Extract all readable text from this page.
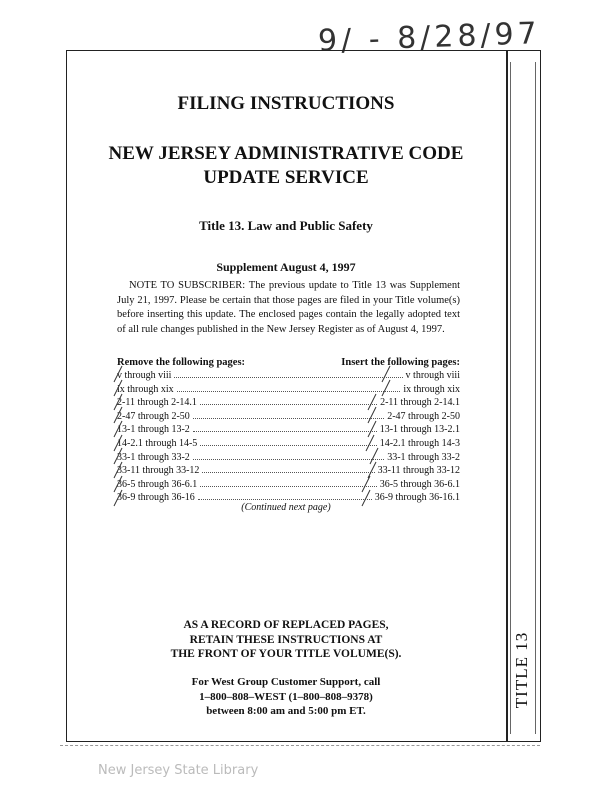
9/ - 8/28/97
TITLE 13
FILING INSTRUCTIONS
NEW JERSEY ADMINISTRATIVE CODE
UPDATE SERVICE
Title 13. Law and Public Safety
Supplement August 4, 1997
NOTE TO SUBSCRIBER: The previous update to Title 13 was Supplement July 21, 1997. Please be certain that those pages are filed in your Title volume(s) before inserting this update. The enclosed pages contain the legally adopted text of all rule changes published in the New Jersey Register as of August 4, 1997.
Remove the following pages:	Insert the following pages:
v through viii	v through viii
ix through xix	ix through xix
2-11 through 2-14.1	2-11 through 2-14.1
2-47 through 2-50	2-47 through 2-50
13-1 through 13-2	13-1 through 13-2.1
14-2.1 through 14-5	14-2.1 through 14-3
33-1 through 33-2	33-1 through 33-2
33-11 through 33-12	33-11 through 33-12
36-5 through 36-6.1	36-5 through 36-6.1
36-9 through 36-16	36-9 through 36-16.1
(Continued next page)
AS A RECORD OF REPLACED PAGES,
RETAIN THESE INSTRUCTIONS AT
THE FRONT OF YOUR TITLE VOLUME(S).
For West Group Customer Support, call
1–800–808–WEST (1–800–808–9378)
between 8:00 am and 5:00 pm ET.
New Jersey State Library
